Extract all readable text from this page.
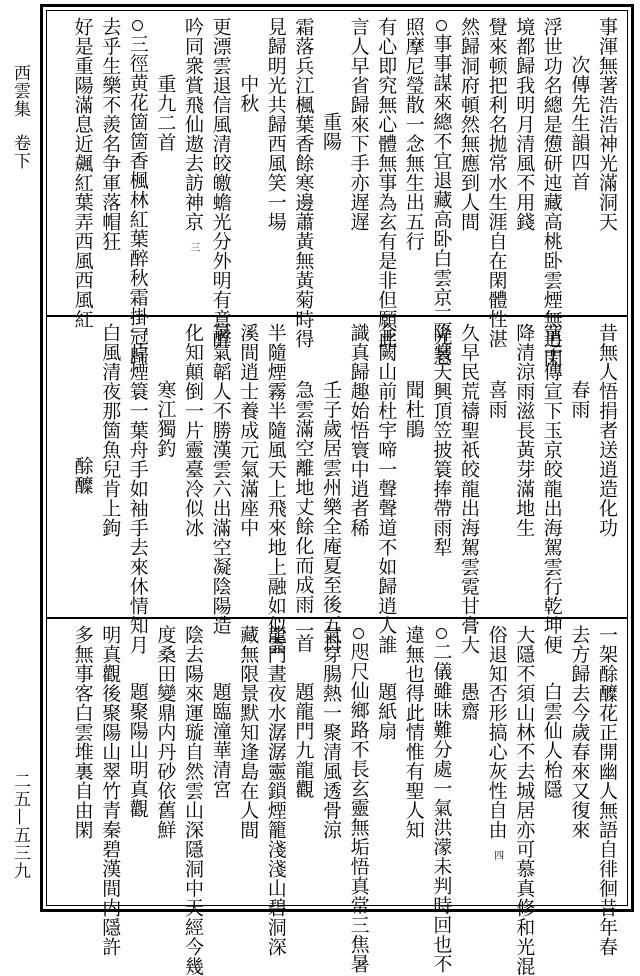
西雲集
卷下
二五—五三九
事渾無著浩浩神光滿洞天
次傳先生韻四首
浮世功名總是憊研迍藏高桃卧雲煙無逍閑
境都歸我明月清風不用錢
覺來顿把利名拋常水生涯自在閑體性湛
然歸洞府頓然無應到人間
事事謀來總不宜退藏高卧白雲京三光慧
照摩尼瑩散一念無生出五行
有心即究無心體無事為玄有是非但願此
言人早省歸來下手亦遅遅
重陽
霜落兵江楓葉香餘寒邊蕭黃無黃菊時得
見歸明光共歸西風笑一場
中秋
更漂雲退信風清皎皦蟾光分外明有意醉
吟同衆賞飛仙遨去訪神京　三
重九二首
三徑黄花箇箇香楓林紅葉醉秋霜掛冠歸
去乎生樂不羨名争軍落帽狂
好是重陽滿息近飆紅葉弄西風西風紅
昔無人悟捐者送逍造化功
春雨
童子傳宣下玉京皎龍出海駕雲行乾坤便
降清涼雨滋長黃芽滿地生
喜雨
久早民荒禱聖祇皎龍出海駕雲霓甘膏大
降裳天興頂笠披簑捧帶雨犁
聞杜鵑
金闕山前杜宇啼一聲聲道不如歸逍人誰
識真歸趣始悟寰中逍者稀
壬子歲居雲州樂全庵夏至後五日
急雲滿空離地丈餘化而成雨二首
半隨煙霧半隨風天上飛來地上融如似雲
溪間逍士養成元氣滿座中
暑氣韜人不勝漢雲六出滿空凝陰陽造
化知顛倒一片靈臺冷似冰
寒江獨釣
一片煙簑一葉舟手如袖手去來休情知月
白風清夜那箇魚兒肯上鉤
酴醾
一架酴醾花正開幽人無語自徘徊昔年春
去方歸去今歲春來又復來
白雲仙人枱隱
大隱不須山林不去城居亦可慕真修和光混
俗退知否形搞心灰性自由　四
愚齋
二儀雖昧難分處一氣洪濛未判時回也不
違無也得此情惟有聖人知
題紙扇
咫尺仙鄉路不長玄靈無垢悟真常三焦暑
氣穿腸熱一聚清風透骨涼
題龍門九龍觀
龍門晝夜水潺潺靈鎖煙籠淺淺山碧洞深
藏無限景默知逢島在人間
題臨潼華清宮
陰去陽來運璇自然雲山深隱洞中天經今幾
度桑田變鼎内丹砂依舊鮮
題聚陽山明真觀
明真觀後聚陽山翠竹青秦碧漢間内隱許
多無事客白雲堆裏自由閑
